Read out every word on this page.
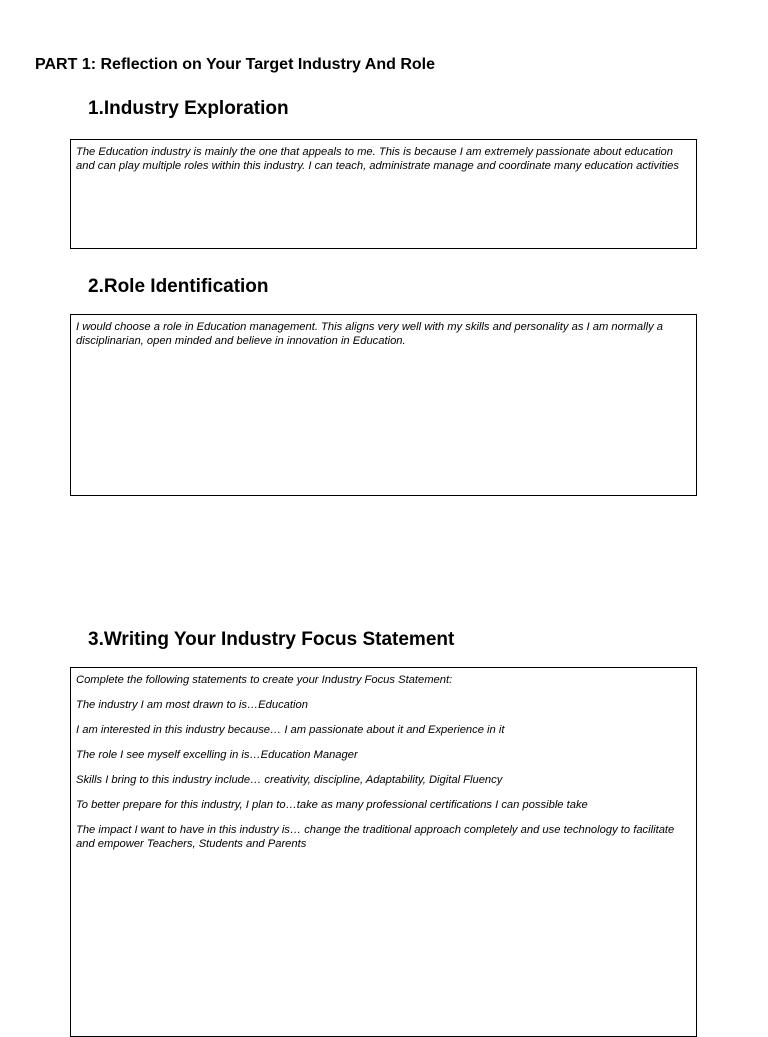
PART 1: Reflection on Your Target Industry And Role
1.Industry Exploration

The Education industry is mainly the one that appeals to me. This is because I am extremely passionate about education and can play multiple roles within this industry. I can teach, administrate manage and coordinate many education activities

2.Role Identification

I would choose a role in Education management. This aligns very well with my skills and personality as I am normally a disciplinarian, open minded and believe in innovation in Education.

3.Writing Your Industry Focus Statement

Complete the following statements to create your Industry Focus Statement:

The industry I am most drawn to is…Education

I am interested in this industry because… I am passionate about it and Experience in it

The role I see myself excelling in is…Education Manager

Skills I bring to this industry include… creativity, discipline, Adaptability, Digital Fluency

To better prepare for this industry, I plan to…take as many professional certifications I can possible take

The impact I want to have in this industry is… change the traditional approach completely and use technology to facilitate and empower Teachers, Students and Parents
